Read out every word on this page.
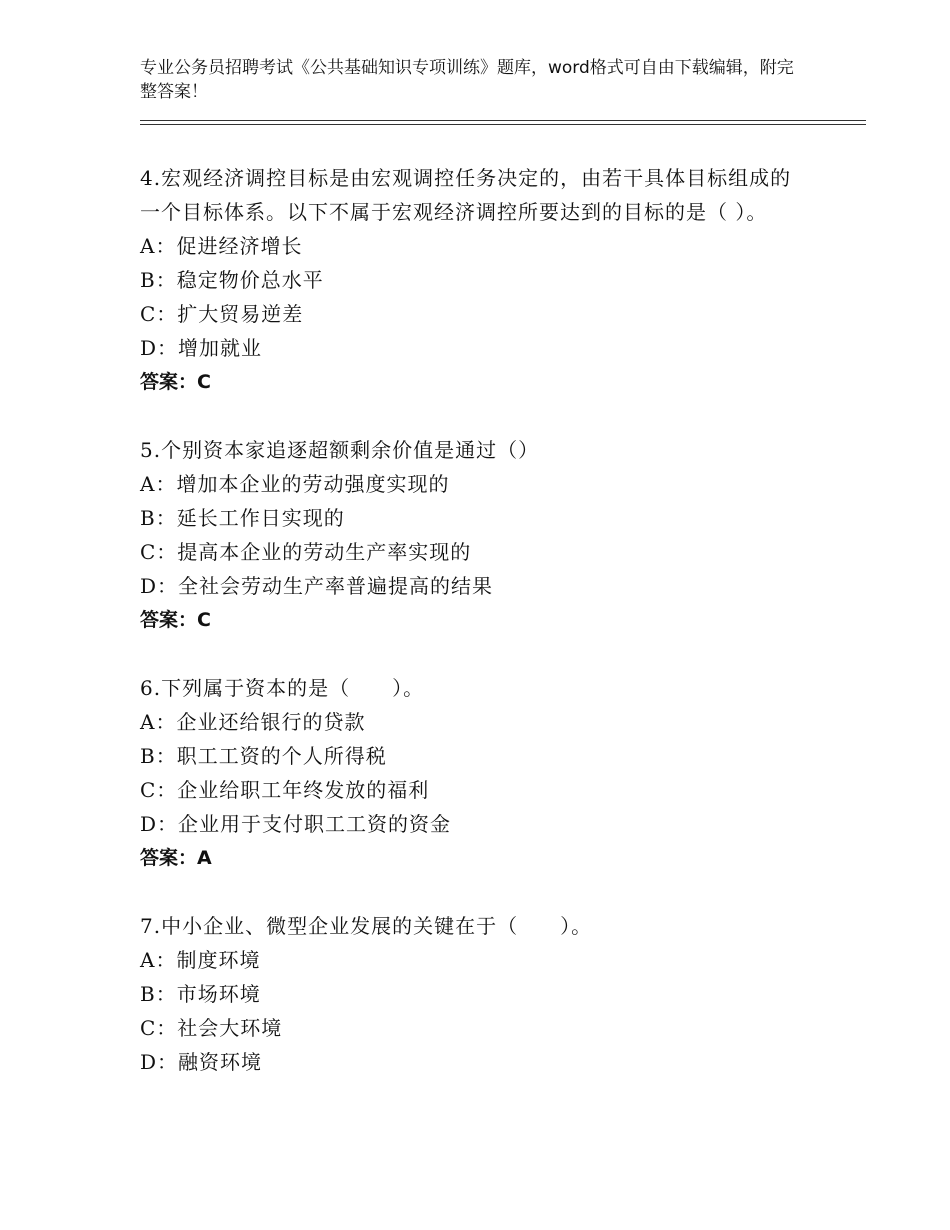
专业公务员招聘考试《公共基础知识专项训练》题库，word格式可自由下载编辑，附完整答案！
4.宏观经济调控目标是由宏观调控任务决定的，由若干具体目标组成的一个目标体系。以下不属于宏观经济调控所要达到的目标的是（ ）。
A：促进经济增长
B：稳定物价总水平
C：扩大贸易逆差
D：增加就业
答案：C
5.个别资本家追逐超额剩余价值是通过（）
A：增加本企业的劳动强度实现的
B：延长工作日实现的
C：提高本企业的劳动生产率实现的
D：全社会劳动生产率普遍提高的结果
答案：C
6.下列属于资本的是（　　）。
A：企业还给银行的贷款
B：职工工资的个人所得税
C：企业给职工年终发放的福利
D：企业用于支付职工工资的资金
答案：A
7.中小企业、微型企业发展的关键在于（　　）。
A：制度环境
B：市场环境
C：社会大环境
D：融资环境
